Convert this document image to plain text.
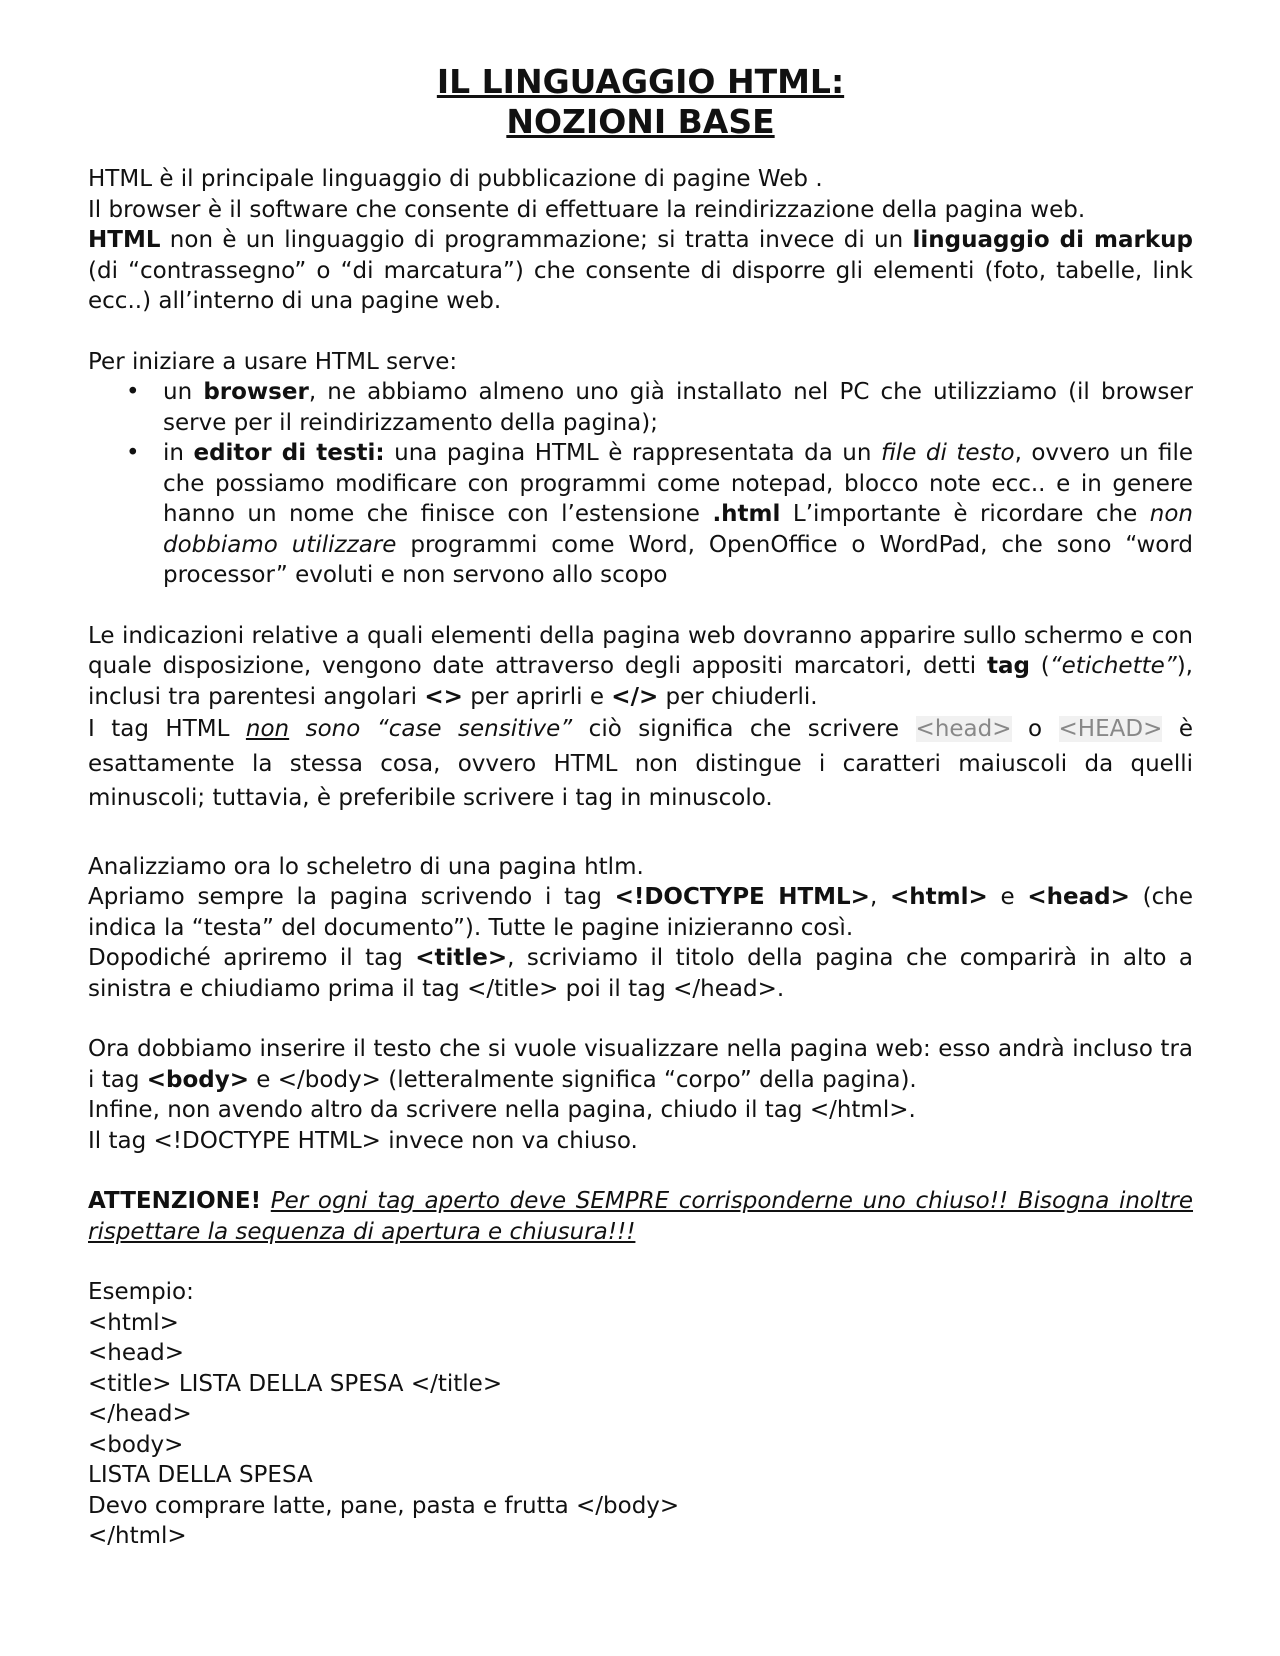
IL LINGUAGGIO HTML:
NOZIONI BASE

HTML è il principale linguaggio di pubblicazione di pagine Web .

Il browser è il software che consente di effettuare la reindirizzazione della pagina web.

HTML non è un linguaggio di programmazione; si tratta invece di un linguaggio di markup (di “contrassegno” o “di marcatura”) che consente di disporre gli elementi (foto, tabelle, link ecc..) all’interno di una pagine web.

Per iniziare a usare HTML serve:

• un browser, ne abbiamo almeno uno già installato nel PC che utilizziamo (il browser serve per il reindirizzamento della pagina);
• in editor di testi: una pagina HTML è rappresentata da un file di testo, ovvero un file che possiamo modificare con programmi come notepad, blocco note ecc.. e in genere hanno un nome che finisce con l’estensione .html L’importante è ricordare che non dobbiamo utilizzare programmi come Word, OpenOffice o WordPad, che sono “word processor” evoluti e non servono allo scopo

Le indicazioni relative a quali elementi della pagina web dovranno apparire sullo schermo e con quale disposizione, vengono date attraverso degli appositi marcatori, detti tag (“etichette”), inclusi tra parentesi angolari <> per aprirli e </> per chiuderli.

I tag HTML non sono “case sensitive” ciò significa che scrivere <head> o <HEAD> è esattamente la stessa cosa, ovvero HTML non distingue i caratteri maiuscoli da quelli minuscoli; tuttavia, è preferibile scrivere i tag in minuscolo.

Analizziamo ora lo scheletro di una pagina htlm.

Apriamo sempre la pagina scrivendo i tag <!DOCTYPE HTML>, <html> e <head> (che indica la “testa” del documento”). Tutte le pagine inizieranno così.

Dopodiché apriremo il tag <title>, scriviamo il titolo della pagina che comparirà in alto a sinistra e chiudiamo prima il tag </title> poi il tag </head>.

Ora dobbiamo inserire il testo che si vuole visualizzare nella pagina web: esso andrà incluso tra i tag <body> e </body> (letteralmente significa “corpo” della pagina).

Infine, non avendo altro da scrivere nella pagina, chiudo il tag </html>.

Il tag <!DOCTYPE HTML> invece non va chiuso.

ATTENZIONE! Per ogni tag aperto deve SEMPRE corrisponderne uno chiuso!! Bisogna inoltre rispettare la sequenza di apertura e chiusura!!!

Esempio:

<html>

<head>

<title> LISTA DELLA SPESA </title>

</head>

<body>

LISTA DELLA SPESA

Devo comprare latte, pane, pasta e frutta </body>

</html>
